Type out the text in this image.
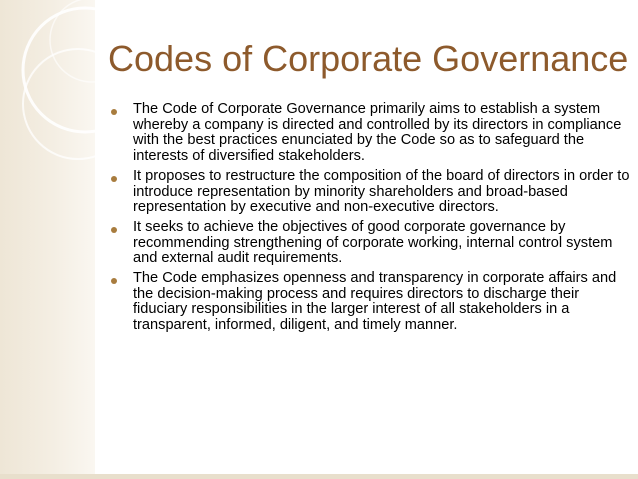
Codes of Corporate Governance
The Code of Corporate Governance primarily aims to establish a system whereby a company is directed and controlled by its directors in compliance with the best practices enunciated by the Code so as to safeguard the interests of diversified stakeholders.
It proposes to restructure the composition of the board of directors in order to introduce representation by minority shareholders and broad-based representation by executive and non-executive directors.
It seeks to achieve the objectives of good corporate governance by recommending strengthening of corporate working, internal control system and external audit requirements.
The Code emphasizes openness and transparency in corporate affairs and the decision-making process and requires directors to discharge their fiduciary responsibilities in the larger interest of all stakeholders in a transparent, informed, diligent, and timely manner.
